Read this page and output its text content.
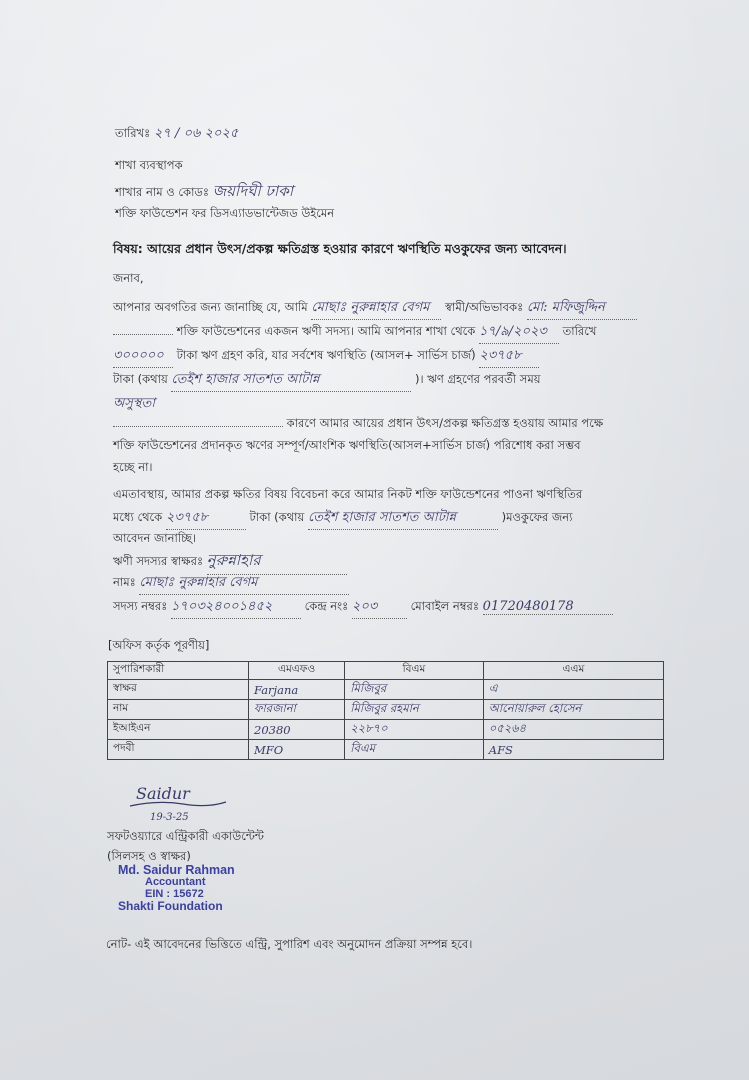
তারিখঃ ২৭ / ০৬ ২০২৫
শাখা ব্যবস্থাপক
শাখার নাম ও কোডঃ জয়দিঘী ঢাকা
শক্তি ফাউন্ডেশন ফর ডিসএ্যাডভান্টেজড উইমেন
বিষয়: আয়ের প্রধান উৎস/প্রকল্প ক্ষতিগ্রস্ত হওয়ার কারণে ঋণস্থিতি মওকুফের জন্য আবেদন।
জনাব,
আপনার অবগতির জন্য জানাচ্ছি যে, আমি মোছাঃ নুরুন্নাহার বেগম স্বামী/অভিভাবকঃ মো: মফিজুদ্দিন
শক্তি ফাউন্ডেশনের একজন ঋণী সদস্য। আমি আপনার শাখা থেকে ১৭/৯/২০২৩ তারিখে
৩০০০০০ টাকা ঋণ গ্রহণ করি, যার সর্বশেষ ঋণস্থিতি (আসল+ সার্ভিস চার্জ) ২৩৭৫৮
টাকা (কথায় তেইশ হাজার সাতশত আটান্ন	)। ঋণ গ্রহণের পরবর্তী সময়
অসুস্থতা
কারণে আমার আয়ের প্রধান উৎস/প্রকল্প ক্ষতিগ্রস্ত হওয়ায় আমার পক্ষে
শক্তি ফাউন্ডেশনের প্রদানকৃত ঋণের সম্পূর্ণ/আংশিক ঋণস্থিতি(আসল+সার্ভিস চার্জ) পরিশোধ করা সম্ভব
হচ্ছে না।
এমতাবস্থায়, আমার প্রকল্প ক্ষতির বিষয় বিবেচনা করে আমার নিকট শক্তি ফাউন্ডেশনের পাওনা ঋণস্থিতির
মধ্যে থেকে ২৩৭৫৮	টাকা (কথায় তেইশ হাজার সাতশত আটান্ন	)মওকুফের জন্য
আবেদন জানাচ্ছি।
ঋণী সদস্যর স্বাক্ষরঃ নুরুন্নাহার
নামঃ মোছাঃ নুরুন্নাহার বেগম
সদস্য নম্বরঃ ১৭০৩২৪০০১৪৫২	কেন্দ্র নংঃ ২০৩	মোবাইল নম্বরঃ 01720480178
[অফিস কর্তৃক পূরণীয়]
সুপারিশকারী	এমএফও	বিএম	এএম
স্বাক্ষর	Farjana	মিজিবুর	এ
নাম	ফারজানা	মিজিবুর রহমান	আনোয়ারুল হোসেন
ইআইএন	20380	২২৮৭০	০৫২৬৪
পদবী	MFO	বিএম	AFS
Saidur
19-3-25
সফটওয়্যারে এন্ট্রিকারী একাউন্টেন্ট
(সিলসহ ও স্বাক্ষর)
Md. Saidur Rahman
Accountant
EIN : 15672
Shakti Foundation
নোট- এই আবেদনের ভিত্তিতে এন্ট্রি, সুপারিশ এবং অনুমোদন প্রক্রিয়া সম্পন্ন হবে।
